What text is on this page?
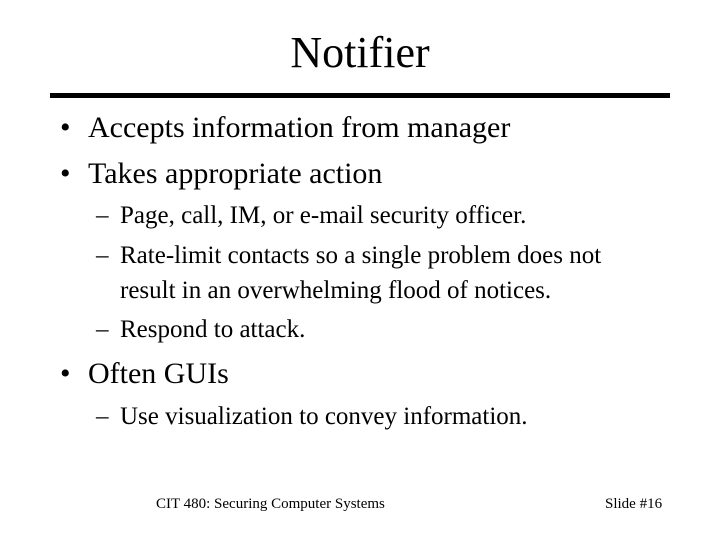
Notifier
• Accepts information from manager
• Takes appropriate action
– Page, call, IM, or e-mail security officer.
– Rate-limit contacts so a single problem does not
result in an overwhelming flood of notices.
– Respond to attack.
• Often GUIs
– Use visualization to convey information.
CIT 480: Securing Computer Systems	Slide #16
